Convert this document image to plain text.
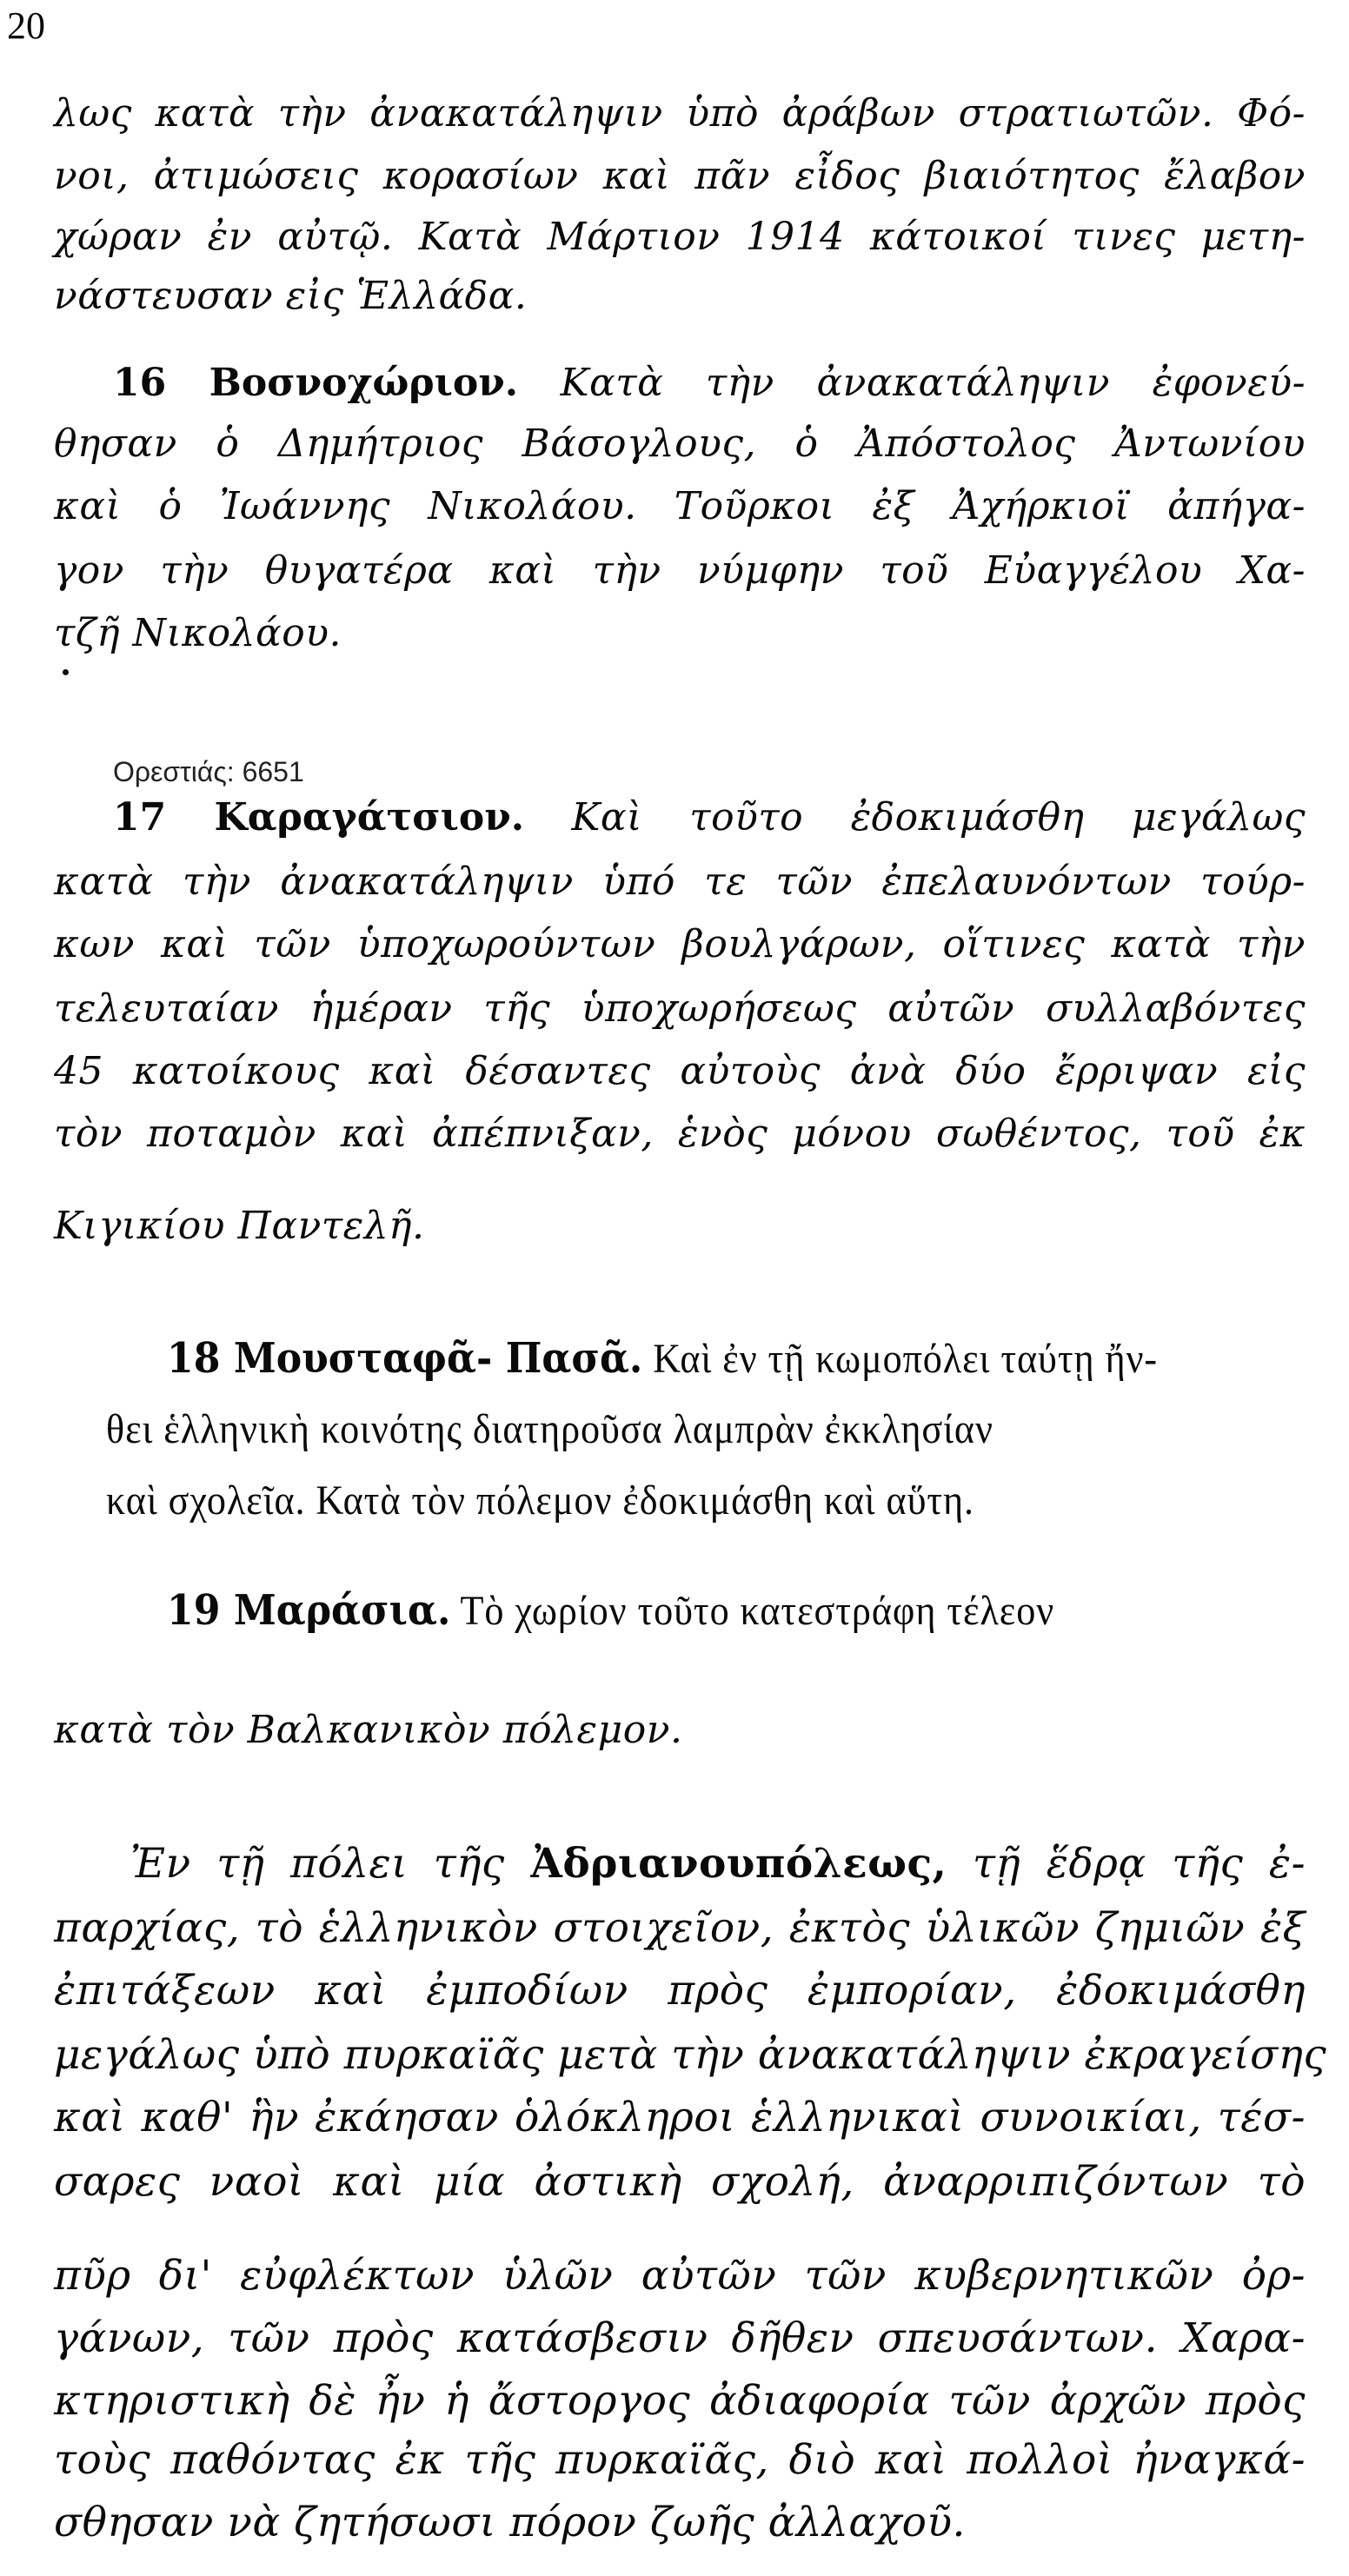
20
λως κατὰ τὴν ἀνακατάληψιν ὑπὸ ἀράβων στρατιωτῶν. Φό-
νοι, ἀτιμώσεις κορασίων καὶ πᾶν εἶδος βιαιότητος ἔλαβον
χώραν ἐν αὐτῷ. Κατὰ Μάρτιον 1914 κάτοικοί τινες μετη-
νάστευσαν εἰς Ἑλλάδα.
16 Βοσνοχώριον. Κατὰ τὴν ἀνακατάληψιν ἐφονεύ-
θησαν ὁ Δημήτριος Βάσογλους, ὁ Ἀπόστολος Ἀντωνίου
καὶ ὁ Ἰωάννης Νικολάου. Τοῦρκοι ἐξ Ἀχήρκιοϊ ἀπήγα-
γον τὴν θυγατέρα καὶ τὴν νύμφην τοῦ Εὐαγγέλου Χα-
τζῆ Νικολάου.
Ορεστιάς: 6651
17 Καραγάτσιον. Καὶ τοῦτο ἐδοκιμάσθη μεγάλως
κατὰ τὴν ἀνακατάληψιν ὑπό τε τῶν ἐπελαυνόντων τούρ-
κων καὶ τῶν ὑποχωρούντων βουλγάρων, οἵτινες κατὰ τὴν
τελευταίαν ἡμέραν τῆς ὑποχωρήσεως αὐτῶν συλλαβόντες
45 κατοίκους καὶ δέσαντες αὐτοὺς ἀνὰ δύο ἔρριψαν εἰς
τὸν ποταμὸν καὶ ἀπέπνιξαν, ἑνὸς μόνου σωθέντος, τοῦ ἐκ
Κιγικίου Παντελῆ.
18 Μουσταφᾶ- Πασᾶ. Καὶ ἐν τῇ κωμοπόλει ταύτῃ ἤν-
θει ἑλληνικὴ κοινότης διατηροῦσα λαμπρὰν ἐκκλησίαν
καὶ σχολεῖα. Κατὰ τὸν πόλεμον ἐδοκιμάσθη καὶ αὕτη.
19 Μαράσια. Τὸ χωρίον τοῦτο κατεστράφη τέλεον
κατὰ τὸν Βαλκανικὸν πόλεμον.
Ἐν τῇ πόλει τῆς Ἀδριανουπόλεως, τῇ ἕδρᾳ τῆς ἐ-
παρχίας, τὸ ἑλληνικὸν στοιχεῖον, ἐκτὸς ὑλικῶν ζημιῶν ἐξ
ἐπιτάξεων καὶ ἐμποδίων πρὸς ἐμπορίαν, ἐδοκιμάσθη
μεγάλως ὑπὸ πυρκαϊᾶς μετὰ τὴν ἀνακατάληψιν ἐκραγείσης
καὶ καθ' ἣν ἐκάησαν ὁλόκληροι ἑλληνικαὶ συνοικίαι, τέσ-
σαρες ναοὶ καὶ μία ἀστικὴ σχολή, ἀναρριπιζόντων τὸ
πῦρ δι' εὐφλέκτων ὑλῶν αὐτῶν τῶν κυβερνητικῶν ὀρ-
γάνων, τῶν πρὸς κατάσβεσιν δῆθεν σπευσάντων. Χαρα-
κτηριστικὴ δὲ ἦν ἡ ἄστοργος ἀδιαφορία τῶν ἀρχῶν πρὸς
τοὺς παθόντας ἐκ τῆς πυρκαϊᾶς, διὸ καὶ πολλοὶ ἠναγκά-
σθησαν νὰ ζητήσωσι πόρον ζωῆς ἀλλαχοῦ.
